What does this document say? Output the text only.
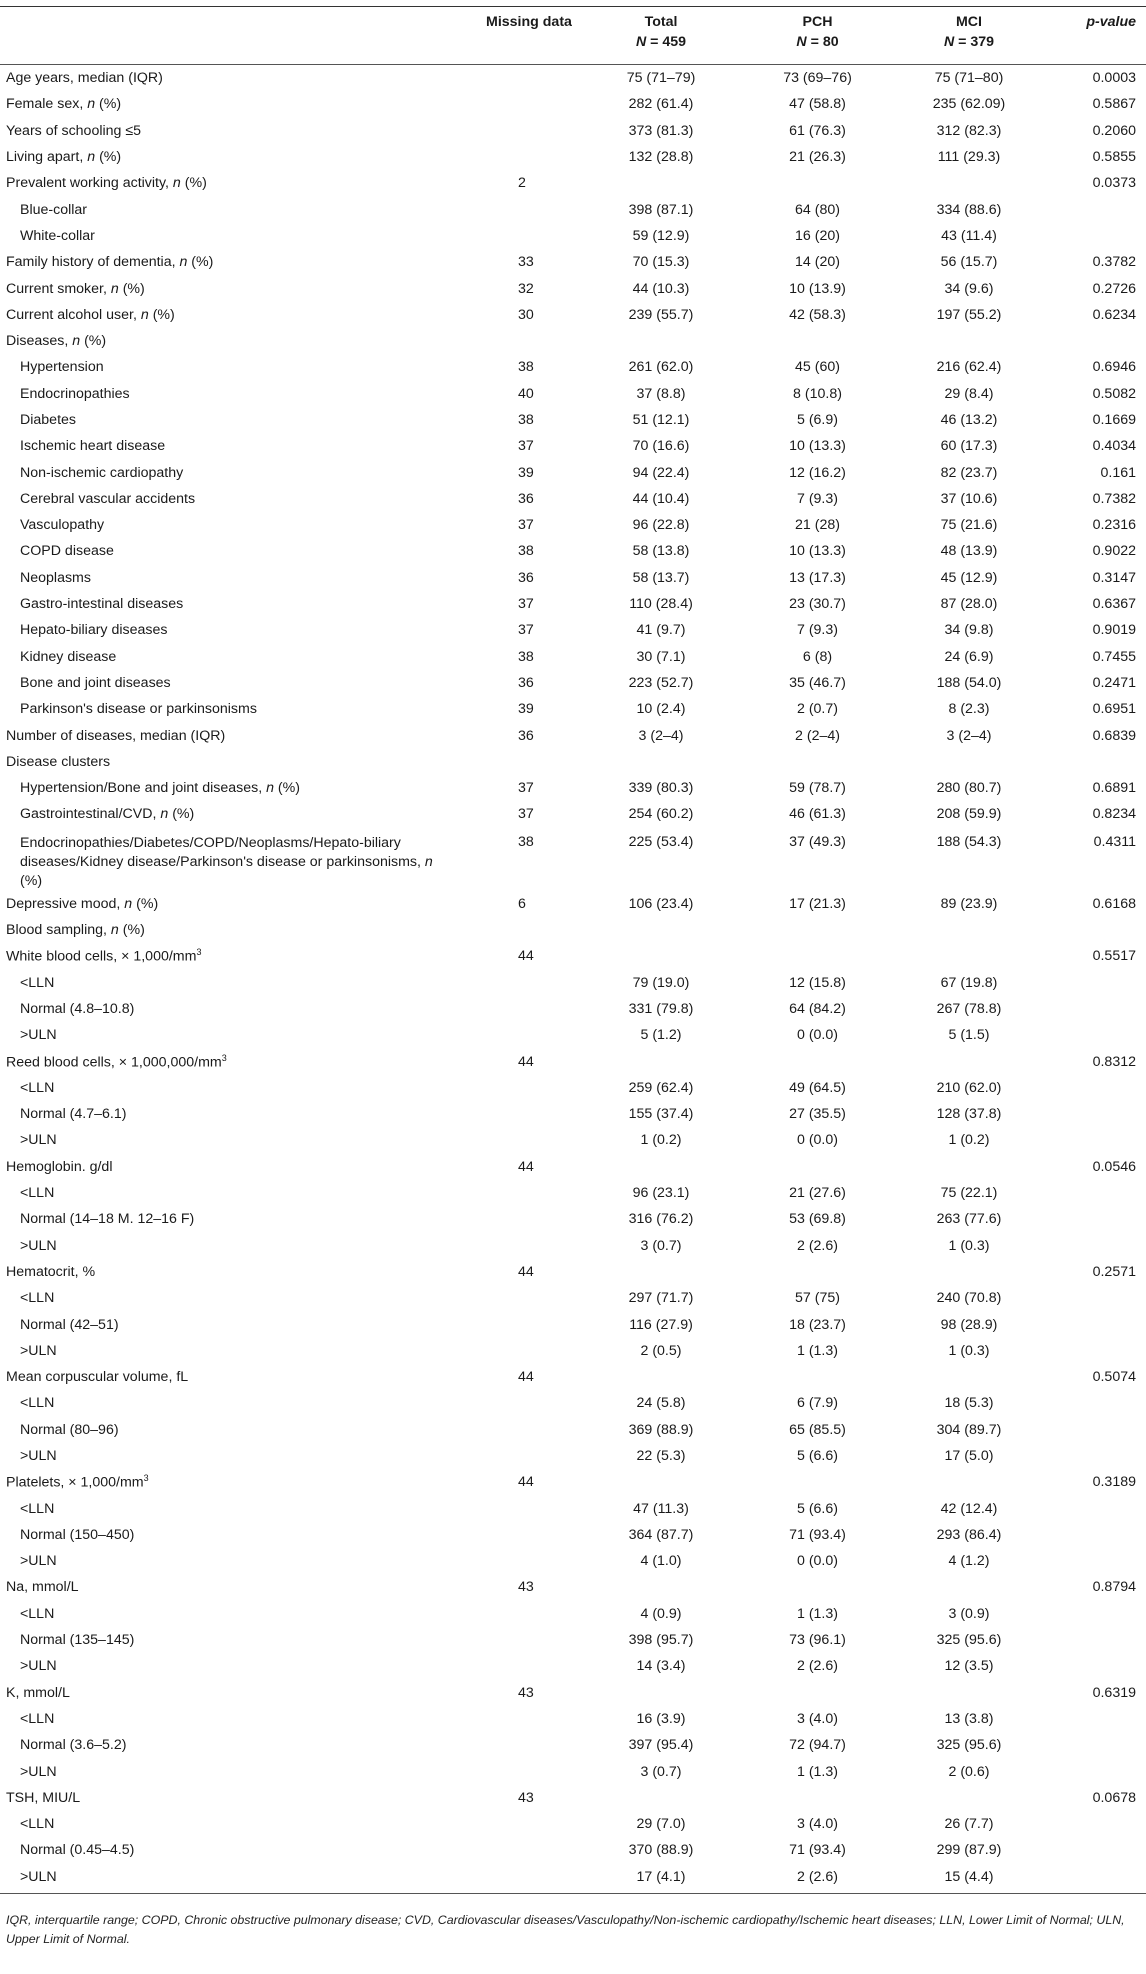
	Missing data	Total	PCH	MCI	p-value
		N = 459	N = 80	N = 379	
Age years, median (IQR)		75 (71–79)	73 (69–76)	75 (71–80)	0.0003
Female sex, n (%)		282 (61.4)	47 (58.8)	235 (62.09)	0.5867
Years of schooling ≤5		373 (81.3)	61 (76.3)	312 (82.3)	0.2060
Living apart, n (%)		132 (28.8)	21 (26.3)	111 (29.3)	0.5855
Prevalent working activity, n (%)	2				0.0373
Blue-collar		398 (87.1)	64 (80)	334 (88.6)	
White-collar		59 (12.9)	16 (20)	43 (11.4)	
Family history of dementia, n (%)	33	70 (15.3)	14 (20)	56 (15.7)	0.3782
Current smoker, n (%)	32	44 (10.3)	10 (13.9)	34 (9.6)	0.2726
Current alcohol user, n (%)	30	239 (55.7)	42 (58.3)	197 (55.2)	0.6234
Diseases, n (%)					
Hypertension	38	261 (62.0)	45 (60)	216 (62.4)	0.6946
Endocrinopathies	40	37 (8.8)	8 (10.8)	29 (8.4)	0.5082
Diabetes	38	51 (12.1)	5 (6.9)	46 (13.2)	0.1669
Ischemic heart disease	37	70 (16.6)	10 (13.3)	60 (17.3)	0.4034
Non-ischemic cardiopathy	39	94 (22.4)	12 (16.2)	82 (23.7)	0.161
Cerebral vascular accidents	36	44 (10.4)	7 (9.3)	37 (10.6)	0.7382
Vasculopathy	37	96 (22.8)	21 (28)	75 (21.6)	0.2316
COPD disease	38	58 (13.8)	10 (13.3)	48 (13.9)	0.9022
Neoplasms	36	58 (13.7)	13 (17.3)	45 (12.9)	0.3147
Gastro-intestinal diseases	37	110 (28.4)	23 (30.7)	87 (28.0)	0.6367
Hepato-biliary diseases	37	41 (9.7)	7 (9.3)	34 (9.8)	0.9019
Kidney disease	38	30 (7.1)	6 (8)	24 (6.9)	0.7455
Bone and joint diseases	36	223 (52.7)	35 (46.7)	188 (54.0)	0.2471
Parkinson's disease or parkinsonisms	39	10 (2.4)	2 (0.7)	8 (2.3)	0.6951
Number of diseases, median (IQR)	36	3 (2–4)	2 (2–4)	3 (2–4)	0.6839
Disease clusters					
Hypertension/Bone and joint diseases, n (%)	37	339 (80.3)	59 (78.7)	280 (80.7)	0.6891
Gastrointestinal/CVD, n (%)	37	254 (60.2)	46 (61.3)	208 (59.9)	0.8234
Endocrinopathies/Diabetes/COPD/Neoplasms/Hepato-biliary diseases/Kidney disease/Parkinson's disease or parkinsonisms, n (%)	38	225 (53.4)	37 (49.3)	188 (54.3)	0.4311
Depressive mood, n (%)	6	106 (23.4)	17 (21.3)	89 (23.9)	0.6168
Blood sampling, n (%)					
White blood cells, × $1,000/mm^3$	44				0.5517
<LLN		79 (19.0)	12 (15.8)	67 (19.8)	
Normal (4.8–10.8)		331 (79.8)	64 (84.2)	267 (78.8)	
>ULN		5 (1.2)	0 (0.0)	5 (1.5)	
Reed blood cells, × $1,000,000/mm^3$	44				0.8312
<LLN		259 (62.4)	49 (64.5)	210 (62.0)	
Normal (4.7–6.1)		155 (37.4)	27 (35.5)	128 (37.8)	
>ULN		1 (0.2)	0 (0.0)	1 (0.2)	
Hemoglobin. g/dl	44				0.0546
<LLN		96 (23.1)	21 (27.6)	75 (22.1)	
Normal (14–18 M. 12–16 F)		316 (76.2)	53 (69.8)	263 (77.6)	
>ULN		3 (0.7)	2 (2.6)	1 (0.3)	
Hematocrit, %	44				0.2571
<LLN		297 (71.7)	57 (75)	240 (70.8)	
Normal (42–51)		116 (27.9)	18 (23.7)	98 (28.9)	
>ULN		2 (0.5)	1 (1.3)	1 (0.3)	
Mean corpuscular volume, fL	44				0.5074
<LLN		24 (5.8)	6 (7.9)	18 (5.3)	
Normal (80–96)		369 (88.9)	65 (85.5)	304 (89.7)	
>ULN		22 (5.3)	5 (6.6)	17 (5.0)	
Platelets, × $1,000/mm^3$	44				0.3189
<LLN		47 (11.3)	5 (6.6)	42 (12.4)	
Normal (150–450)		364 (87.7)	71 (93.4)	293 (86.4)	
>ULN		4 (1.0)	0 (0.0)	4 (1.2)	
Na, mmol/L	43				0.8794
<LLN		4 (0.9)	1 (1.3)	3 (0.9)	
Normal (135–145)		398 (95.7)	73 (96.1)	325 (95.6)	
>ULN		14 (3.4)	2 (2.6)	12 (3.5)	
K, mmol/L	43				0.6319
<LLN		16 (3.9)	3 (4.0)	13 (3.8)	
Normal (3.6–5.2)		397 (95.4)	72 (94.7)	325 (95.6)	
>ULN		3 (0.7)	1 (1.3)	2 (0.6)	
TSH, MIU/L	43				0.0678
<LLN		29 (7.0)	3 (4.0)	26 (7.7)	
Normal (0.45–4.5)		370 (88.9)	71 (93.4)	299 (87.9)	
>ULN		17 (4.1)	2 (2.6)	15 (4.4)	
IQR, interquartile range; COPD, Chronic obstructive pulmonary disease; CVD, Cardiovascular diseases/Vasculopathy/Non-ischemic cardiopathy/Ischemic heart diseases; LLN, Lower Limit of Normal; ULN, Upper Limit of Normal.
